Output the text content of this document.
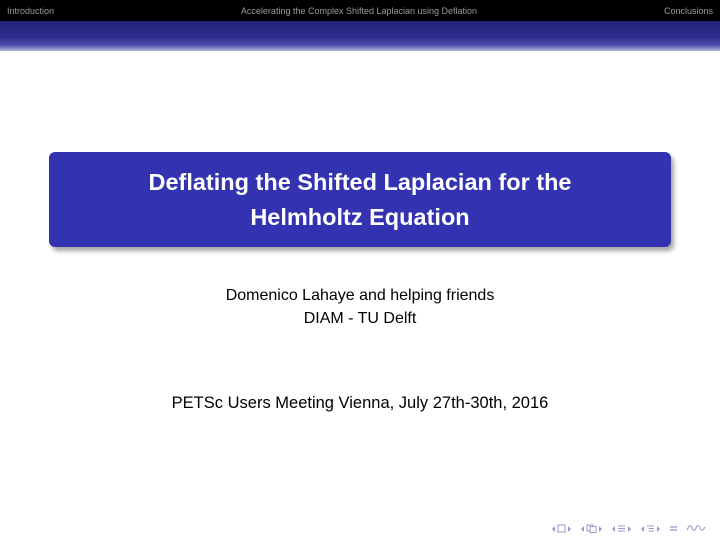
Introduction	Accelerating the Complex Shifted Laplacian using Deflation	Conclusions
Deflating the Shifted Laplacian for the
Helmholtz Equation
Domenico Lahaye and helping friends
DIAM - TU Delft
PETSc Users Meeting Vienna, July 27th-30th, 2016
